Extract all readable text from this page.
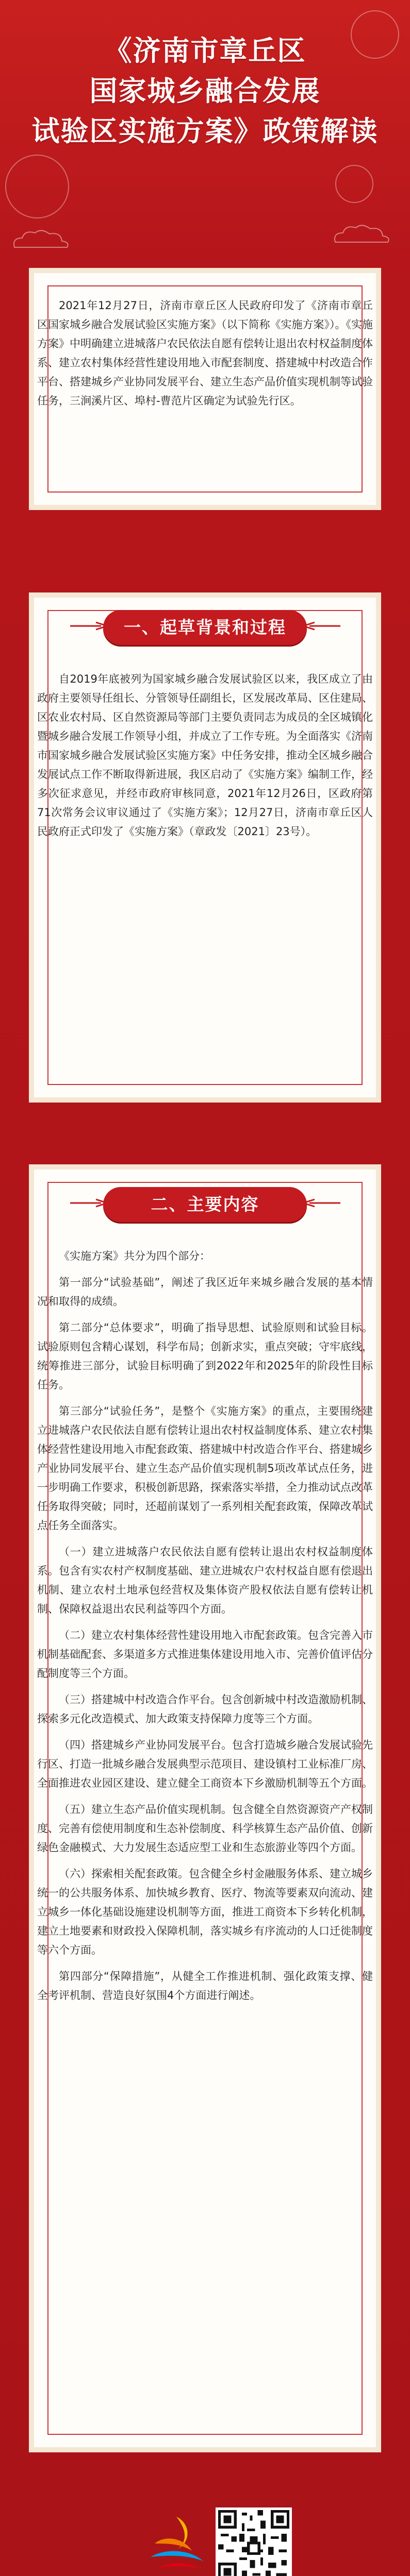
《济南市章丘区
国家城乡融合发展
试验区实施方案》政策解读

2021年12月27日，济南市章丘区人民政府印发了《济南市章丘区国家城乡融合发展试验区实施方案》（以下简称《实施方案》）。《实施方案》中明确建立进城落户农民依法自愿有偿转让退出农村权益制度体系、建立农村集体经营性建设用地入市配套制度、搭建城中村改造合作平台、搭建城乡产业协同发展平台、建立生态产品价值实现机制等试验任务，三涧溪片区、埠村-曹范片区确定为试验先行区。

一、起草背景和过程

自2019年底被列为国家城乡融合发展试验区以来，我区成立了由政府主要领导任组长、分管领导任副组长，区发展改革局、区住建局、区农业农村局、区自然资源局等部门主要负责同志为成员的全区城镇化暨城乡融合发展工作领导小组，并成立了工作专班。为全面落实《济南市国家城乡融合发展试验区实施方案》中任务安排，推动全区城乡融合发展试点工作不断取得新进展，我区启动了《实施方案》编制工作，经多次征求意见，并经市政府审核同意，2021年12月26日，区政府第71次常务会议审议通过了《实施方案》；12月27日，济南市章丘区人民政府正式印发了《实施方案》（章政发〔2021〕23号）。

二、主要内容

《实施方案》共分为四个部分：

第一部分“试验基础”，阐述了我区近年来城乡融合发展的基本情况和取得的成绩。

第二部分“总体要求”，明确了指导思想、试验原则和试验目标。试验原则包含精心谋划，科学布局；创新求实，重点突破；守牢底线，统筹推进三部分，试验目标明确了到2022年和2025年的阶段性目标任务。

第三部分“试验任务”，是整个《实施方案》的重点，主要围绕建立进城落户农民依法自愿有偿转让退出农村权益制度体系、建立农村集体经营性建设用地入市配套政策、搭建城中村改造合作平台、搭建城乡产业协同发展平台、建立生态产品价值实现机制5项改革试点任务，进一步明确工作要求，积极创新思路，探索落实举措，全力推动试点改革任务取得突破；同时，还超前谋划了一系列相关配套政策，保障改革试点任务全面落实。

（一）建立进城落户农民依法自愿有偿转让退出农村权益制度体系。包含有实农村产权制度基础、建立进城农户农村权益自愿有偿退出机制、建立农村土地承包经营权及集体资产股权依法自愿有偿转让机制、保障权益退出农民利益等四个方面。

（二）建立农村集体经营性建设用地入市配套政策。包含完善入市机制基础配套、多渠道多方式推进集体建设用地入市、完善价值评估分配制度等三个方面。

（三）搭建城中村改造合作平台。包含创新城中村改造激励机制、探索多元化改造模式、加大政策支持保障力度等三个方面。

（四）搭建城乡产业协同发展平台。包含打造城乡融合发展试验先行区、打造一批城乡融合发展典型示范项目、建设镇村工业标准厂房、全面推进农业园区建设、建立健全工商资本下乡激励机制等五个方面。

（五）建立生态产品价值实现机制。包含健全自然资源资产产权制度、完善有偿使用制度和生态补偿制度、科学核算生态产品价值、创新绿色金融模式、大力发展生态适应型工业和生态旅游业等四个方面。

（六）探索相关配套政策。包含健全乡村金融服务体系、建立城乡统一的公共服务体系、加快城乡教育、医疗、物流等要素双向流动、建立城乡一体化基础设施建设机制等方面，推进工商资本下乡转化机制，建立土地要素和财政投入保障机制，落实城乡有序流动的人口迁徙制度等六个方面。

第四部分“保障措施”，从健全工作推进机制、强化政策支撑、健全考评机制、营造良好氛围4个方面进行阐述。
